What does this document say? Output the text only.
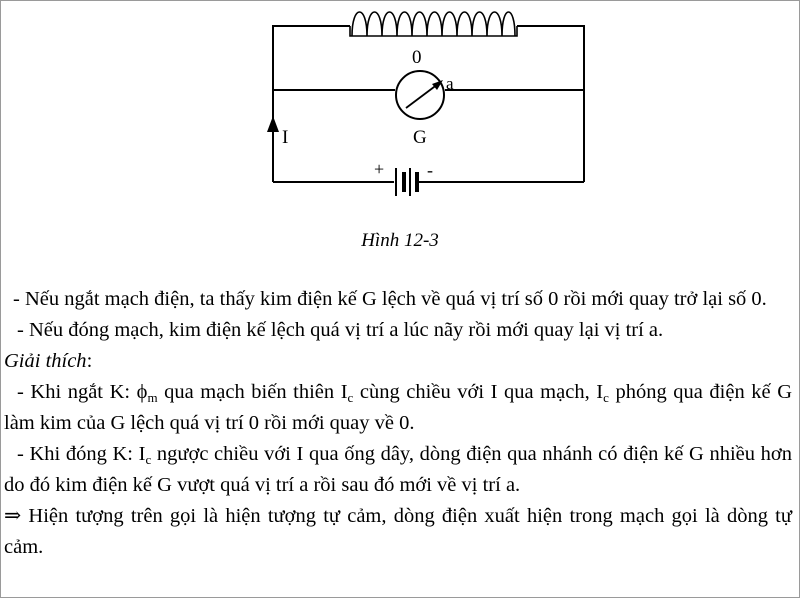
0
a
G
I
+ -
Hình 12-3

- Nếu ngắt mạch điện, ta thấy kim điện kế G lệch về quá vị trí số 0 rồi mới quay trở lại số 0.

- Nếu đóng mạch, kim điện kế lệch quá vị trí a lúc nãy rồi mới quay lại vị trí a.

Giải thích:

- Khi ngắt K: $\phi_m$ qua mạch biến thiên $I_c$ cùng chiều với I qua mạch, $I_c$ phóng qua điện kế G làm kim của G lệch quá vị trí 0 rồi mới quay về 0.

- Khi đóng K: $I_c$ ngược chiều với I qua ống dây, dòng điện qua nhánh có điện kế G nhiều hơn do đó kim điện kế G vượt quá vị trí a rồi sau đó mới về vị trí a.

⇒ Hiện tượng trên gọi là hiện tượng tự cảm, dòng điện xuất hiện trong mạch gọi là dòng tự cảm.
